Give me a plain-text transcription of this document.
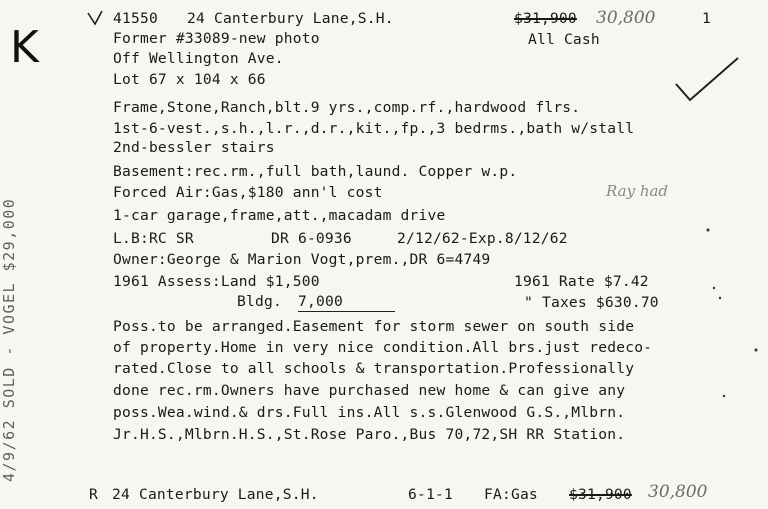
K
41550 24 Canterbury Lane,S.H.	$31,900 30,800	1
Former #33089-new photo	All Cash
Off Wellington Ave.
Lot 67 x 104 x 66
Frame,Stone,Ranch,blt.9 yrs.,comp.rf.,hardwood flrs.
1st-6-vest.,s.h.,l.r.,d.r.,kit.,fp.,3 bedrms.,bath w/stall
2nd-bessler stairs
Basement:rec.rm.,full bath,laund. Copper w.p.
Forced Air:Gas,$180 ann'l cost	Ray had
1-car garage,frame,att.,macadam drive
L.B:RC SR	DR 6-0936	2/12/62-Exp.8/12/62
Owner:George & Marion Vogt,prem.,DR 6=4749
1961 Assess:Land $1,500	1961 Rate $7.42
Bldg. 7,000	" Taxes $630.70
Poss.to be arranged.Easement for storm sewer on south side
of property.Home in very nice condition.All brs.just redeco-
rated.Close to all schools & transportation.Professionally
done rec.rm.Owners have purchased new home & can give any
poss.Wea.wind.& drs.Full ins.All s.s.Glenwood G.S.,Mlbrn.
Jr.H.S.,Mlbrn.H.S.,St.Rose Paro.,Bus 70,72,SH RR Station.
4/9/62 SOLD - VOGEL $29,000
R 24 Canterbury Lane,S.H.	6-1-1 FA:Gas $31,900 30,800
